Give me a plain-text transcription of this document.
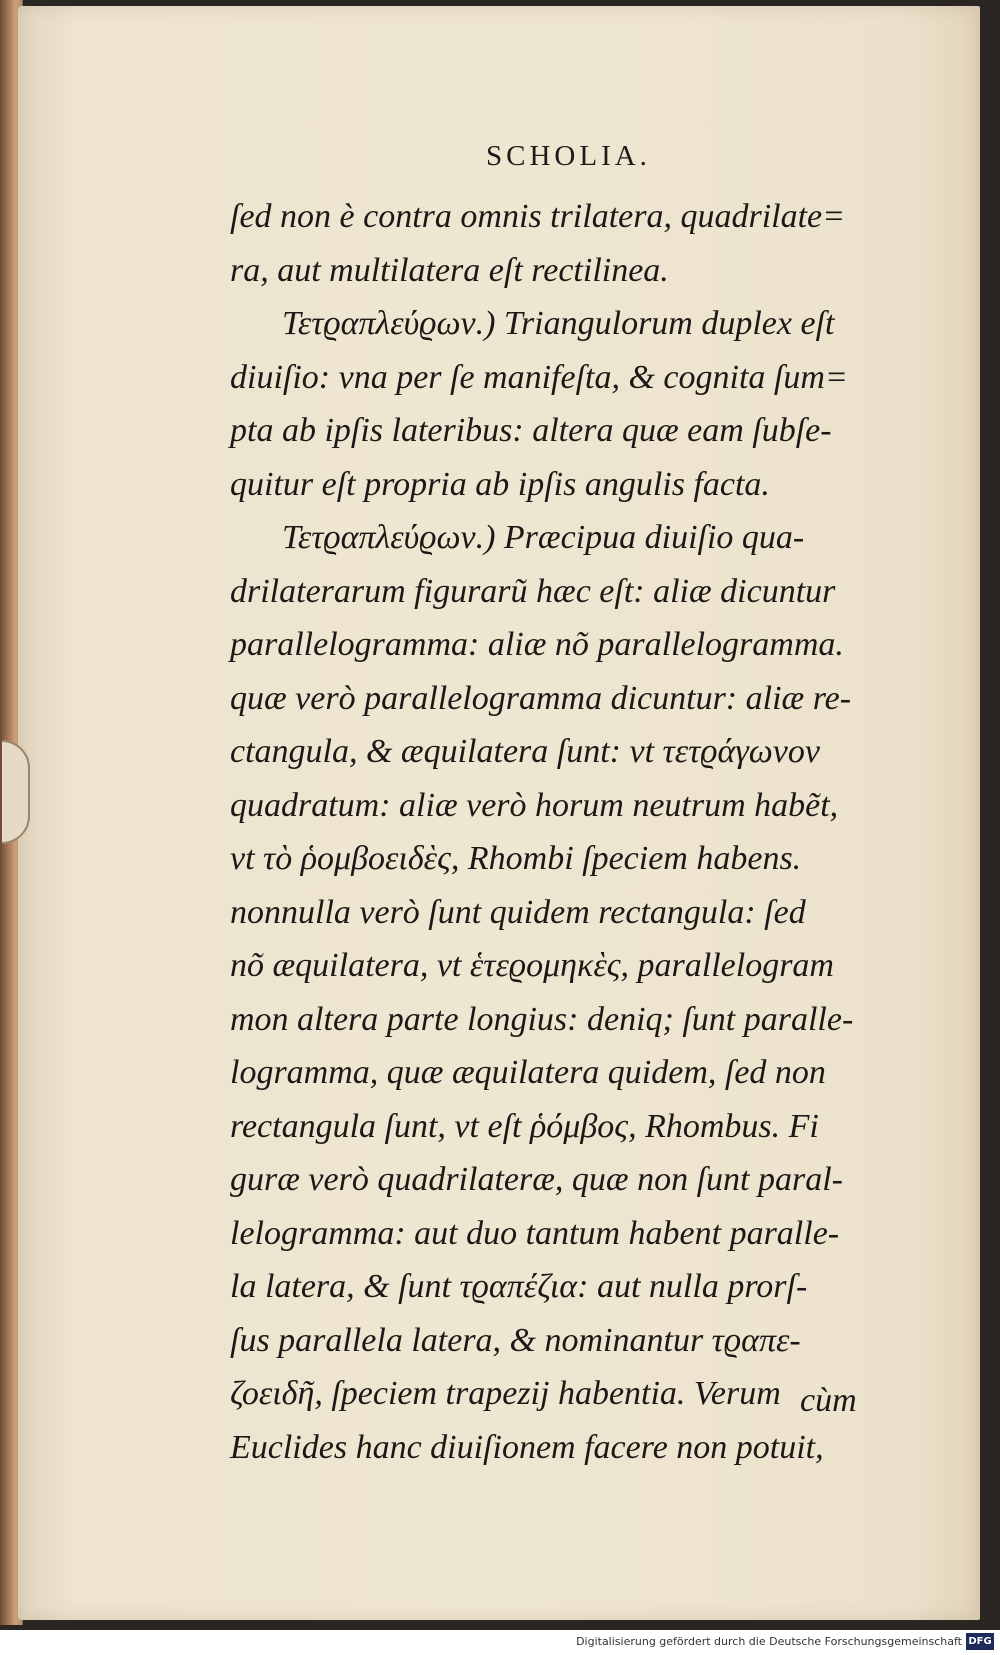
SCHOLIA.
ſed non è contra omnis trilatera, quadrilate=
ra, aut multilatera eſt rectilinea.
Τετϱαπλεύϱων.) Triangulorum duplex eſt
diuiſio: vna per ſe manifeſta, & cognita ſum=
pta ab ipſis lateribus: altera quæ eam ſubſe-
quitur eſt propria ab ipſis angulis facta.
Τετϱαπλεύϱων.) Præcipua diuiſio qua-
drilaterarum figurarũ hæc eſt: aliæ dicuntur
parallelogramma: aliæ nõ parallelogramma.
quæ verò parallelogramma dicuntur: aliæ re-
ctangula, & æquilatera ſunt: vt τετϱάγωνον
quadratum: aliæ verò horum neutrum habẽt,
vt τὸ ῥομβοειδὲς, Rhombi ſpeciem habens.
nonnulla verò ſunt quidem rectangula: ſed
nõ æquilatera, vt ἑτεϱομηκὲς, parallelogram
mon altera parte longius: deniq; ſunt paralle-
logramma, quæ æquilatera quidem, ſed non
rectangula ſunt, vt eſt ῥόμβος, Rhombus. Fi
guræ verò quadrilateræ, quæ non ſunt paral-
lelogramma: aut duo tantum habent paralle-
la latera, & ſunt τϱαπέζια: aut nulla prorſ-
ſus parallela latera, & nominantur τϱαπε-
ζοειδῆ, ſpeciem trapezij habentia. Verum
Euclides hanc diuiſionem facere non potuit,
cùm
Digitalisierung gefördert durch die Deutsche Forschungsgemeinschaft DFG
